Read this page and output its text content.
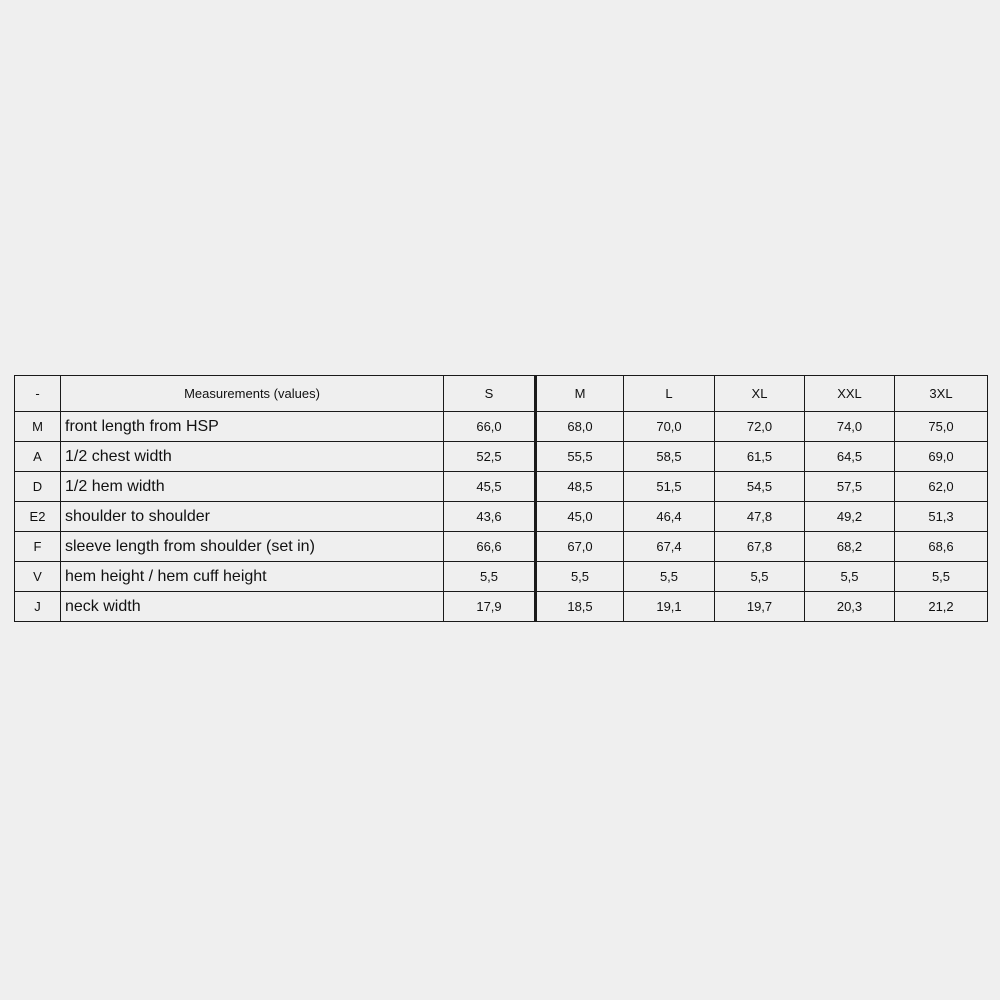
-	Measurements (values)	S	M	L	XL	XXL	3XL
M	front length from HSP	66,0	68,0	70,0	72,0	74,0	75,0
A	1/2 chest width	52,5	55,5	58,5	61,5	64,5	69,0
D	1/2 hem width	45,5	48,5	51,5	54,5	57,5	62,0
E2	shoulder to shoulder	43,6	45,0	46,4	47,8	49,2	51,3
F	sleeve length from shoulder (set in)	66,6	67,0	67,4	67,8	68,2	68,6
V	hem height / hem cuff height	5,5	5,5	5,5	5,5	5,5	5,5
J	neck width	17,9	18,5	19,1	19,7	20,3	21,2
